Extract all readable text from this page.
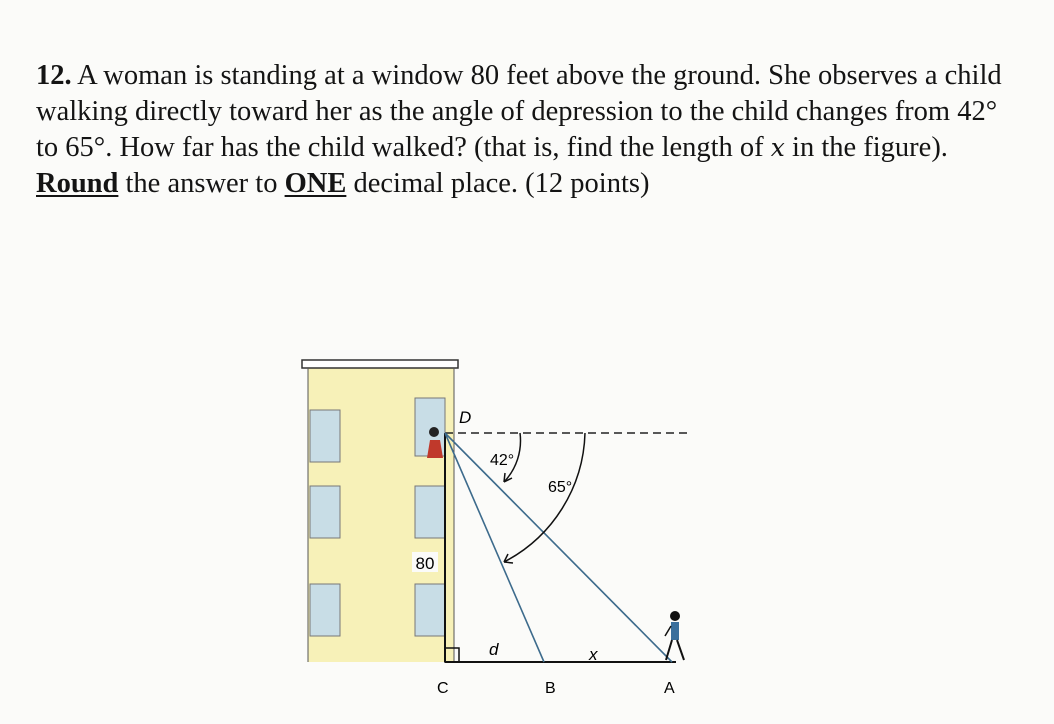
12. A woman is standing at a window 80 feet above the ground. She observes a child walking directly toward her as the angle of depression to the child changes from 42° to 65°. How far has the child walked? (that is, find the length of x in the figure). Round the answer to ONE decimal place. (12 points)
80
42°
65°
D
C	B	A
d	x
